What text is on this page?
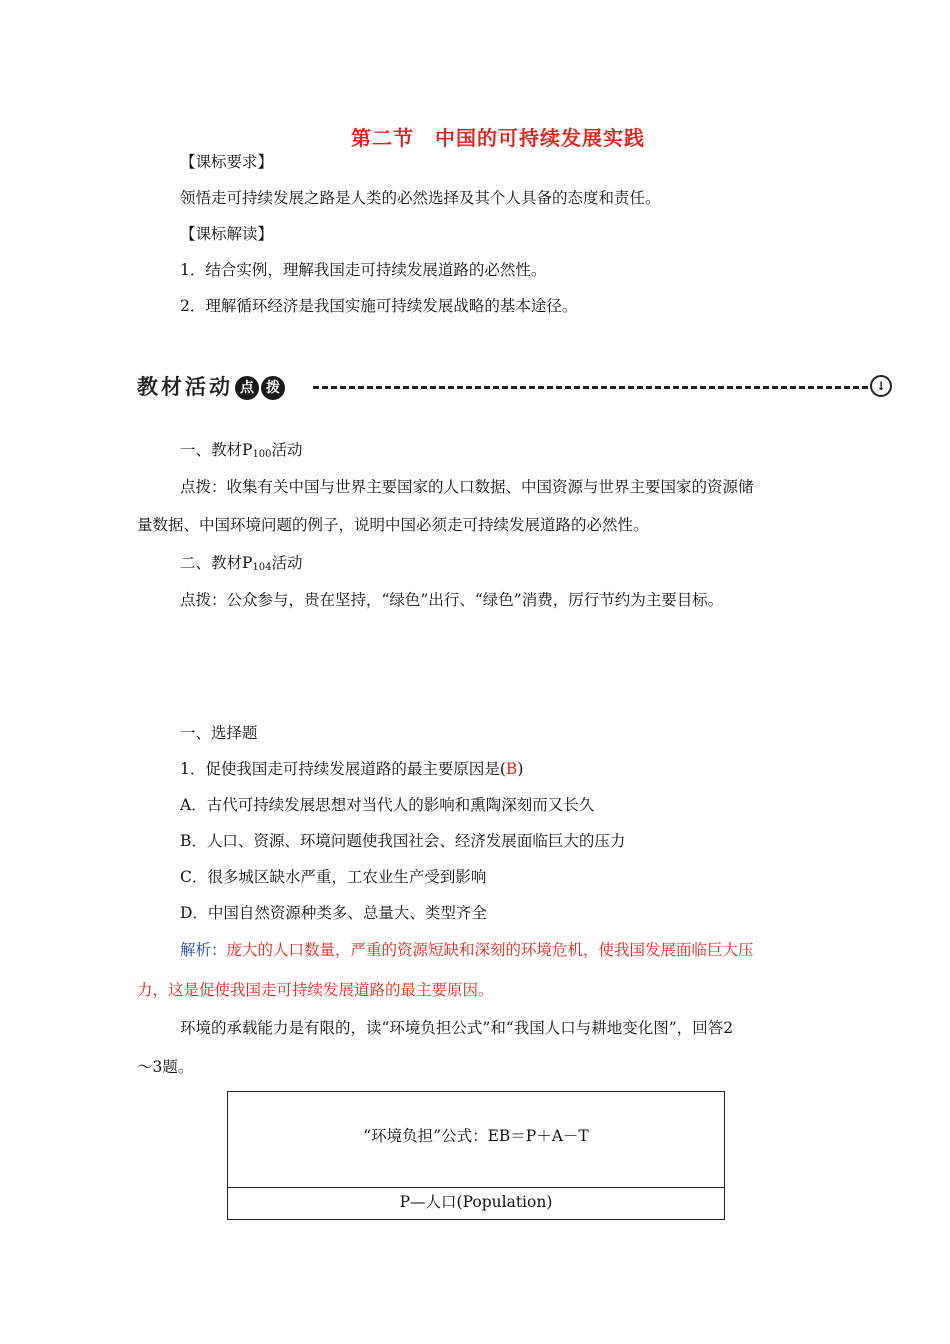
第二节　中国的可持续发展实践
【课标要求】
领悟走可持续发展之路是人类的必然选择及其个人具备的态度和责任。
【课标解读】
1．结合实例，理解我国走可持续发展道路的必然性。
2．理解循环经济是我国实施可持续发展战略的基本途径。
教材活动 点 拨	↓
一、教材$P_{100}$活动
点拨：收集有关中国与世界主要国家的人口数据、中国资源与世界主要国家的资源储
量数据、中国环境问题的例子，说明中国必须走可持续发展道路的必然性。
二、教材$P_{104}$活动
点拨：公众参与，贵在坚持，“绿色”出行、“绿色”消费，厉行节约为主要目标。
一、选择题
1．促使我国走可持续发展道路的最主要原因是(B)
A．古代可持续发展思想对当代人的影响和熏陶深刻而又长久
B．人口、资源、环境问题使我国社会、经济发展面临巨大的压力
C．很多城区缺水严重，工农业生产受到影响
D．中国自然资源种类多、总量大、类型齐全
解析：庞大的人口数量，严重的资源短缺和深刻的环境危机，使我国发展面临巨大压
力，这是促使我国走可持续发展道路的最主要原因。
环境的承载能力是有限的，读“环境负担公式”和“我国人口与耕地变化图”，回答2
～3题。
“环境负担”公式：EB＝P＋A－T
P—人口(Population)
